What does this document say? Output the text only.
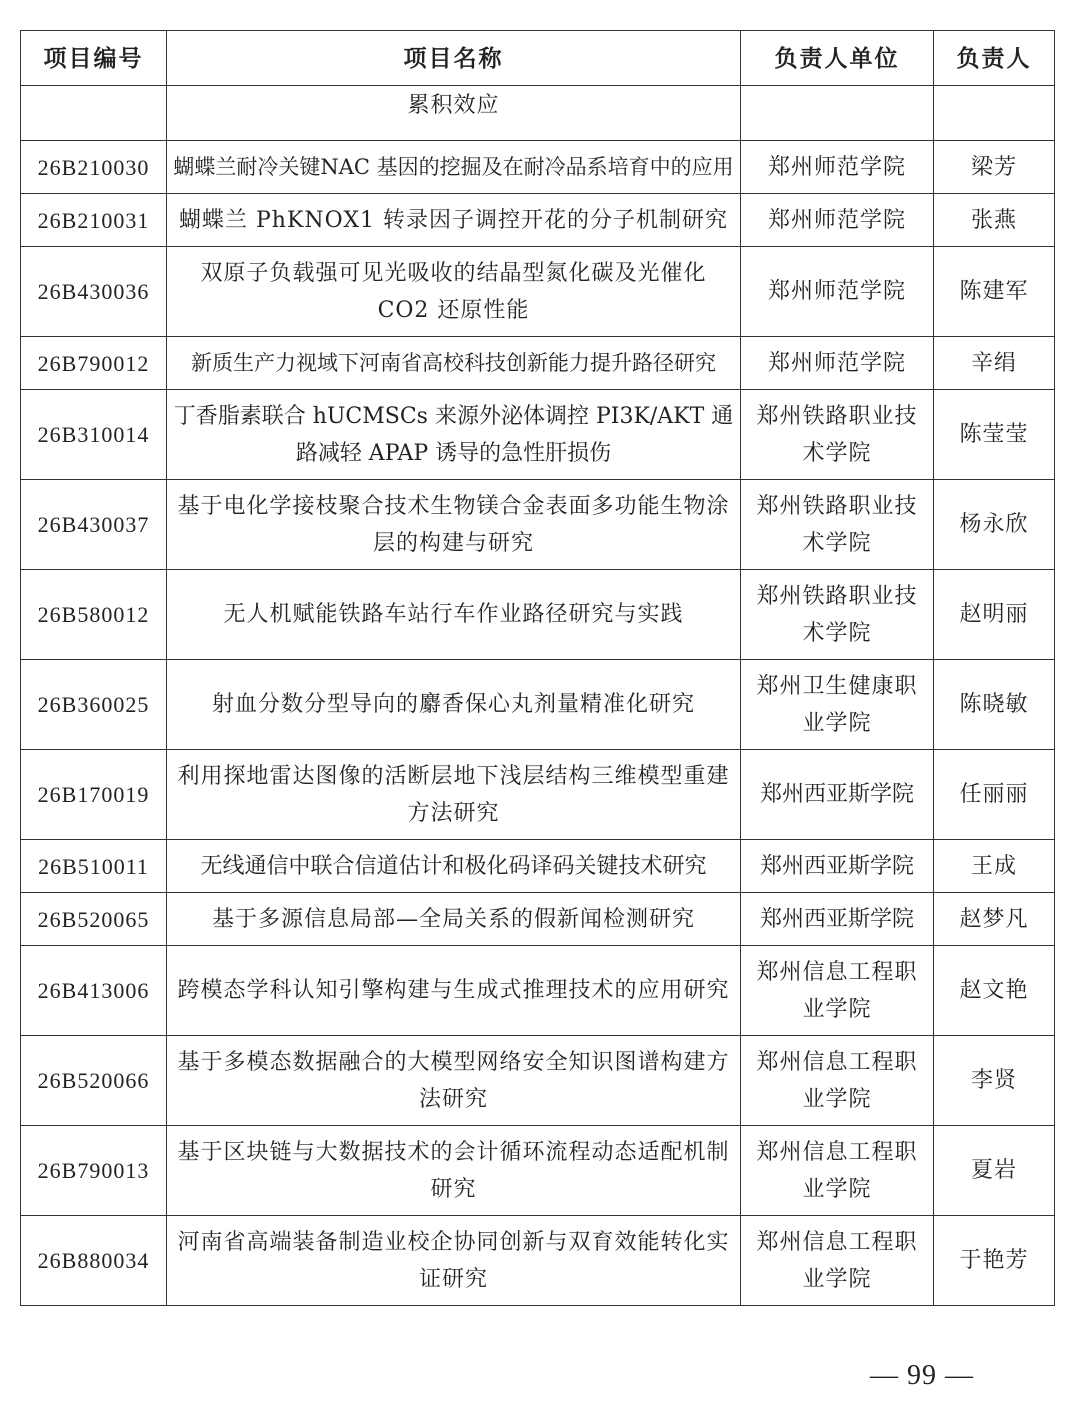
项目编号	项目名称	负责人单位	负责人
	累积效应		
26B210030	蝴蝶兰耐冷关键NAC 基因的挖掘及在耐冷品系培育中的应用	郑州师范学院	梁芳
26B210031	蝴蝶兰 PhKNOX1 转录因子调控开花的分子机制研究	郑州师范学院	张燕
26B430036	双原子负载强可见光吸收的结晶型氮化碳及光催化 CO2 还原性能	郑州师范学院	陈建军
26B790012	新质生产力视域下河南省高校科技创新能力提升路径研究	郑州师范学院	辛绢
26B310014	丁香脂素联合 hUCMSCs 来源外泌体调控 PI3K/AKT 通路减轻 APAP 诱导的急性肝损伤	郑州铁路职业技术学院	陈莹莹
26B430037	基于电化学接枝聚合技术生物镁合金表面多功能生物涂层的构建与研究	郑州铁路职业技术学院	杨永欣
26B580012	无人机赋能铁路车站行车作业路径研究与实践	郑州铁路职业技术学院	赵明丽
26B360025	射血分数分型导向的麝香保心丸剂量精准化研究	郑州卫生健康职业学院	陈晓敏
26B170019	利用探地雷达图像的活断层地下浅层结构三维模型重建方法研究	郑州西亚斯学院	任丽丽
26B510011	无线通信中联合信道估计和极化码译码关键技术研究	郑州西亚斯学院	王成
26B520065	基于多源信息局部—全局关系的假新闻检测研究	郑州西亚斯学院	赵梦凡
26B413006	跨模态学科认知引擎构建与生成式推理技术的应用研究	郑州信息工程职业学院	赵文艳
26B520066	基于多模态数据融合的大模型网络安全知识图谱构建方法研究	郑州信息工程职业学院	李贤
26B790013	基于区块链与大数据技术的会计循环流程动态适配机制研究	郑州信息工程职业学院	夏岩
26B880034	河南省高端装备制造业校企协同创新与双育效能转化实证研究	郑州信息工程职业学院	于艳芳
— 99 —
